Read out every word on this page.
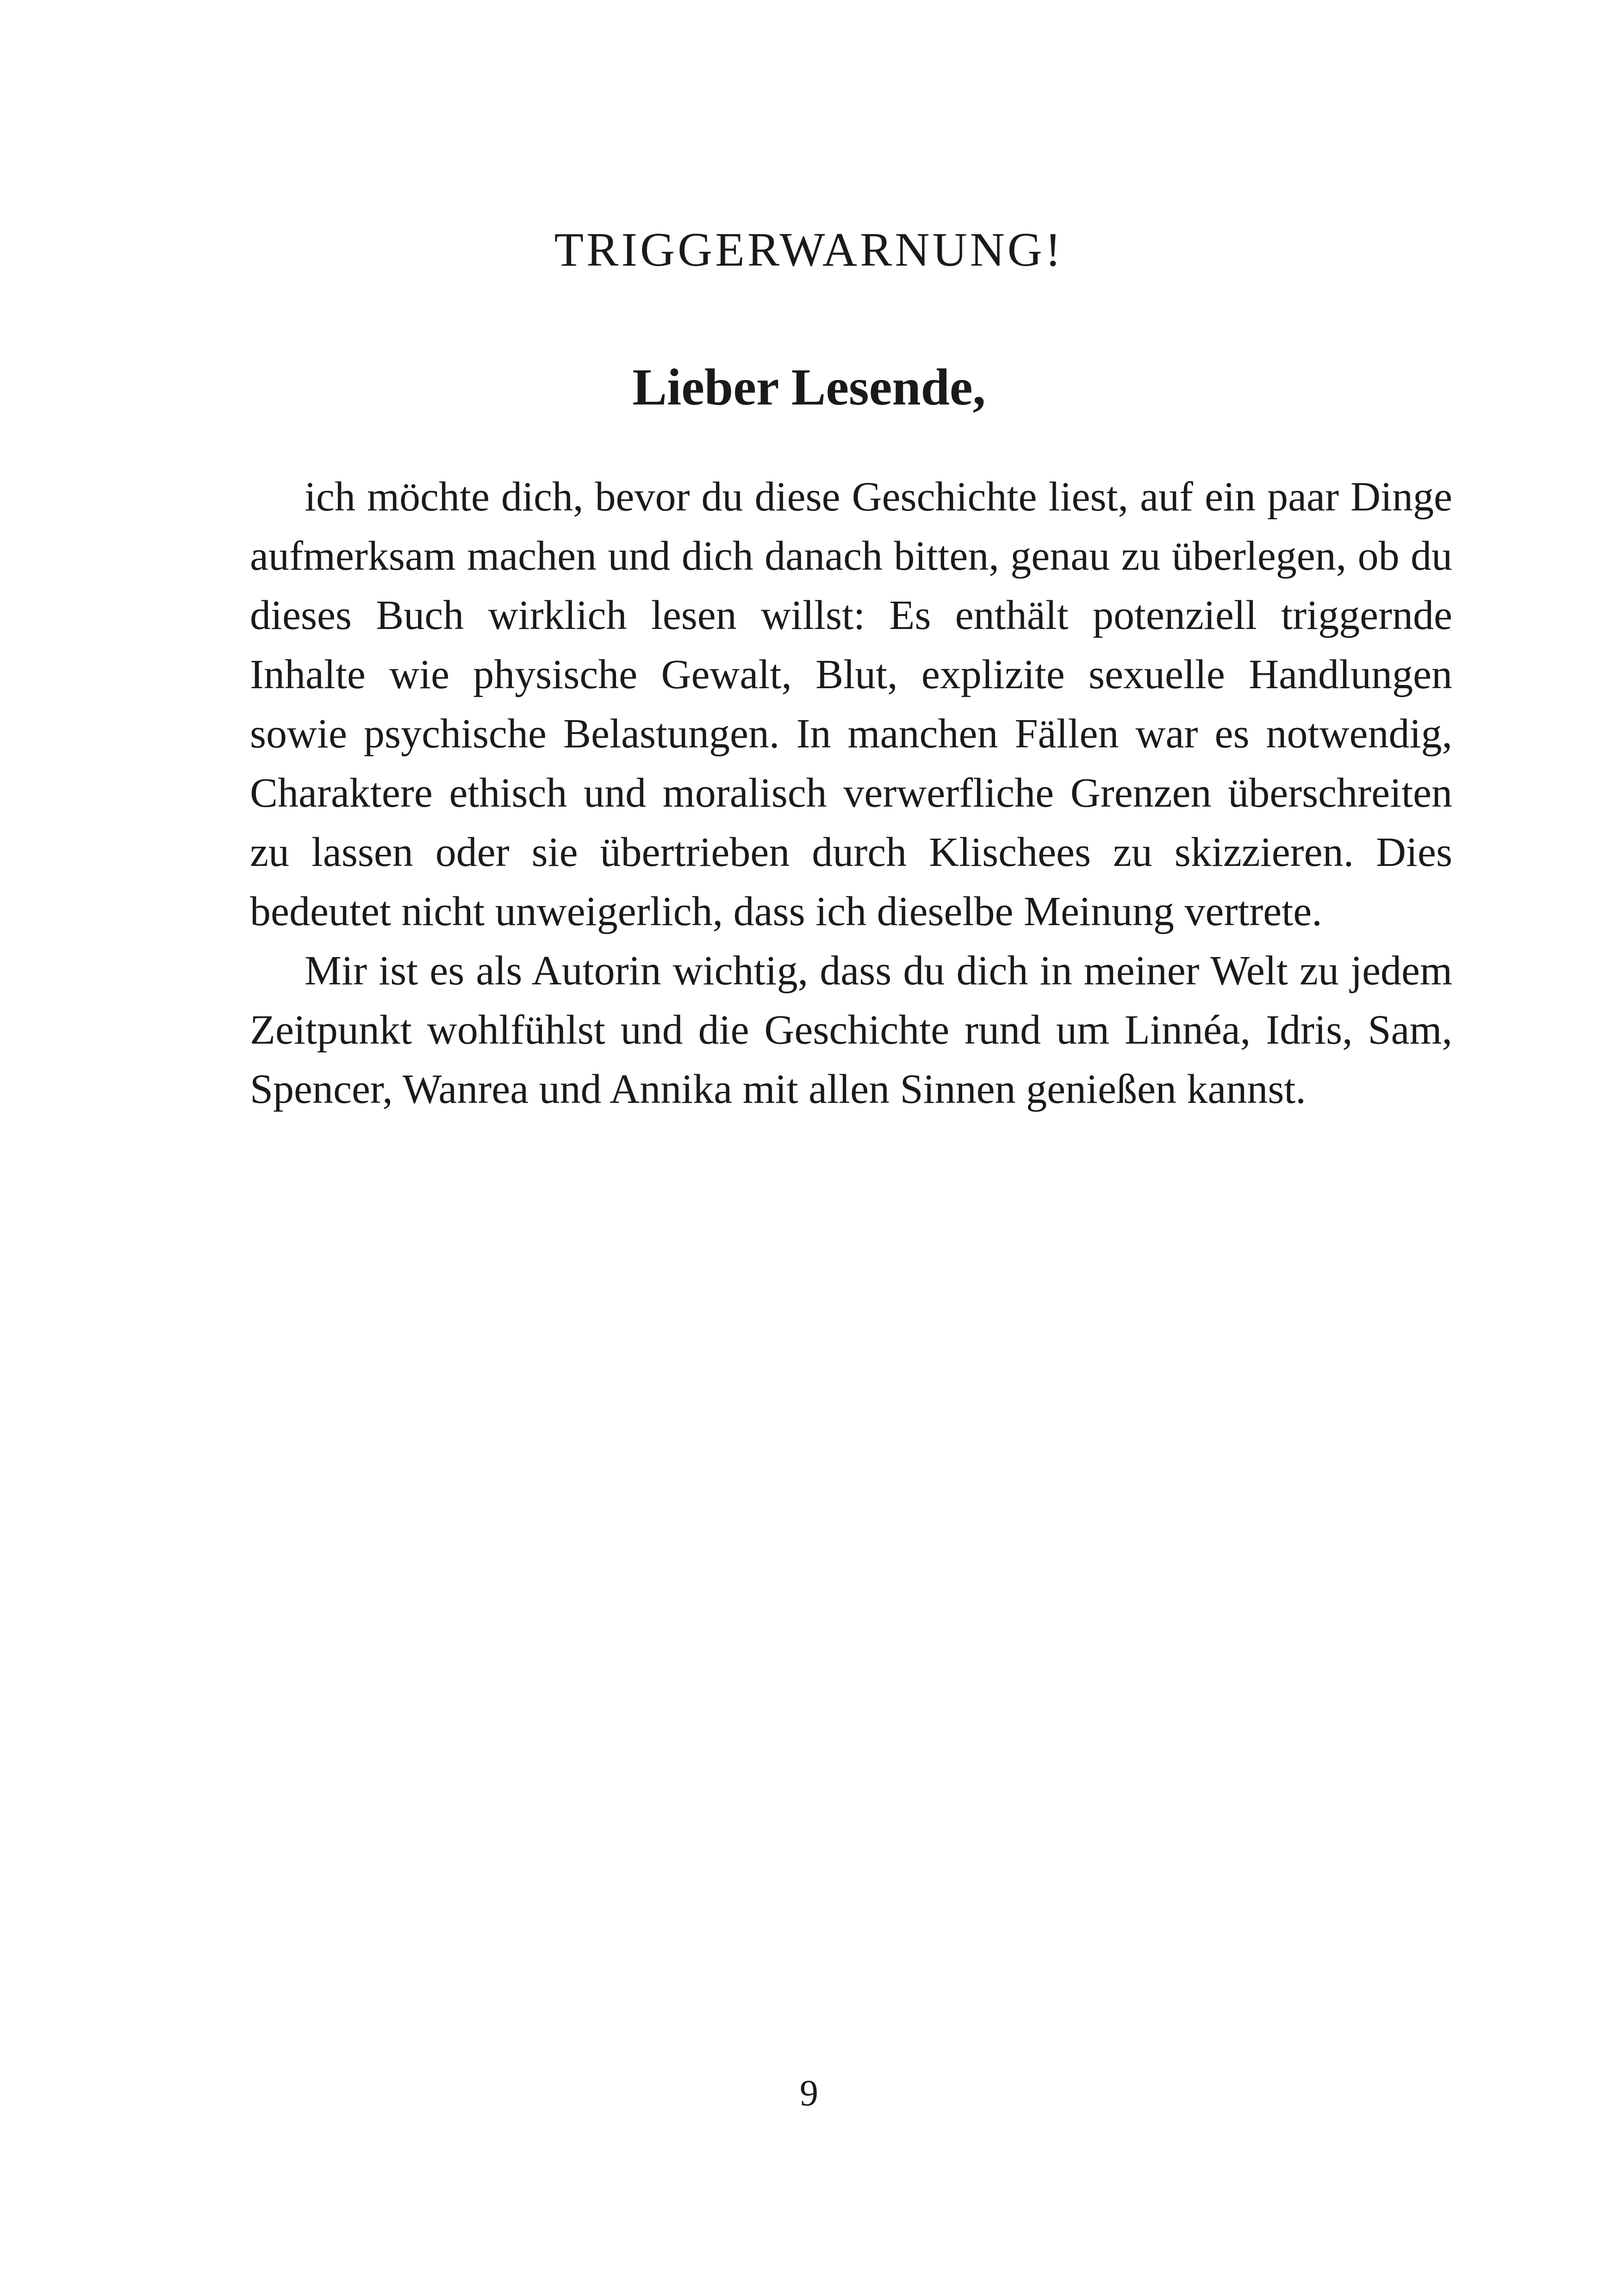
TRIGGERWARNUNG!
Lieber Lesende,

ich möchte dich, bevor du diese Geschichte liest, auf ein paar Dinge aufmerksam machen und dich danach bitten, genau zu überlegen, ob du dieses Buch wirklich lesen willst: Es enthält potenziell triggernde Inhalte wie physische Gewalt, Blut, explizite sexuelle Handlungen sowie psychische Belastungen. In manchen Fällen war es notwendig, Charaktere ethisch und moralisch verwerfliche Grenzen überschreiten zu lassen oder sie übertrieben durch Klischees zu skizzieren. Dies bedeutet nicht unweigerlich, dass ich dieselbe Meinung vertrete.

Mir ist es als Autorin wichtig, dass du dich in meiner Welt zu jedem Zeitpunkt wohlfühlst und die Geschichte rund um Linnéa, Idris, Sam, Spencer, Wanrea und Annika mit allen Sinnen genießen kannst.

9
